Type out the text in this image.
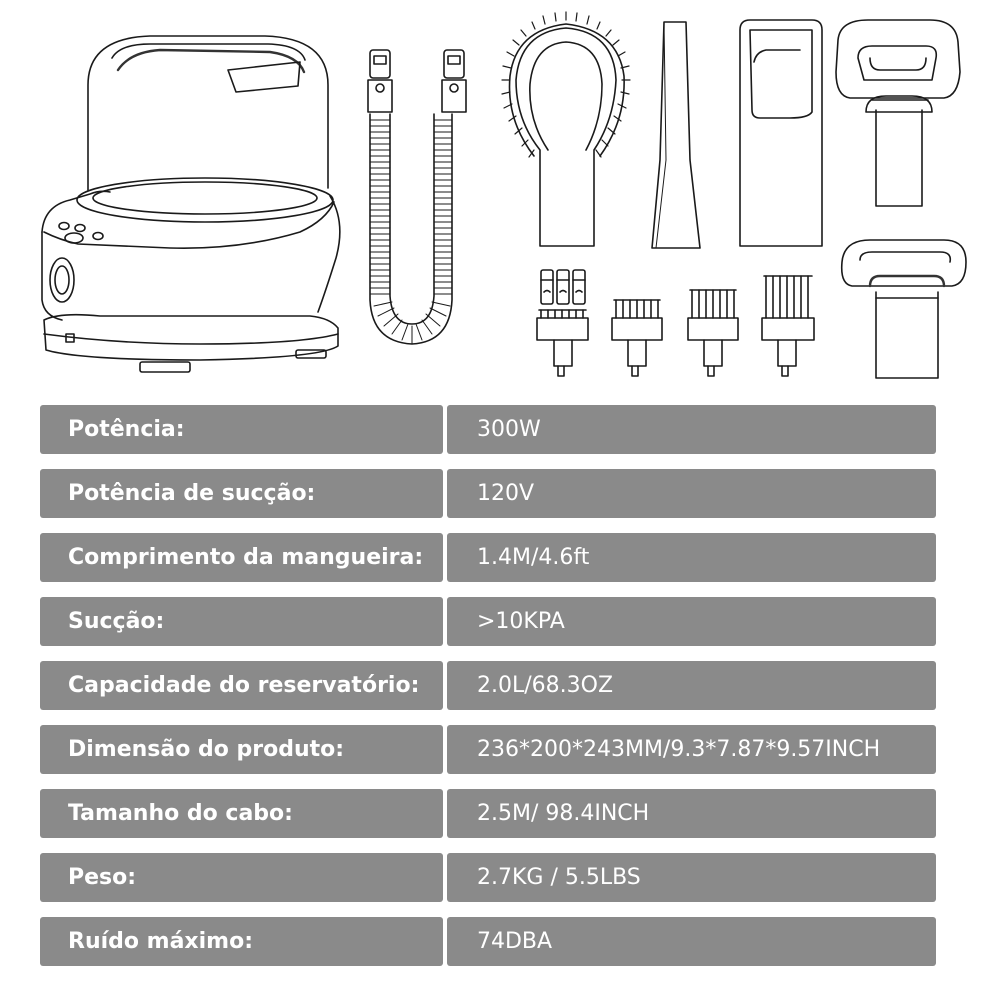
Potência:	300W
Potência de sucção:	120V
Comprimento da mangueira:	1.4M/4.6ft
Sucção:	>10KPA
Capacidade do reservatório:	2.0L/68.3OZ
Dimensão do produto:	236*200*243MM/9.3*7.87*9.57INCH
Tamanho do cabo:	2.5M/ 98.4INCH
Peso:	2.7KG / 5.5LBS
Ruído máximo:	74DBA
